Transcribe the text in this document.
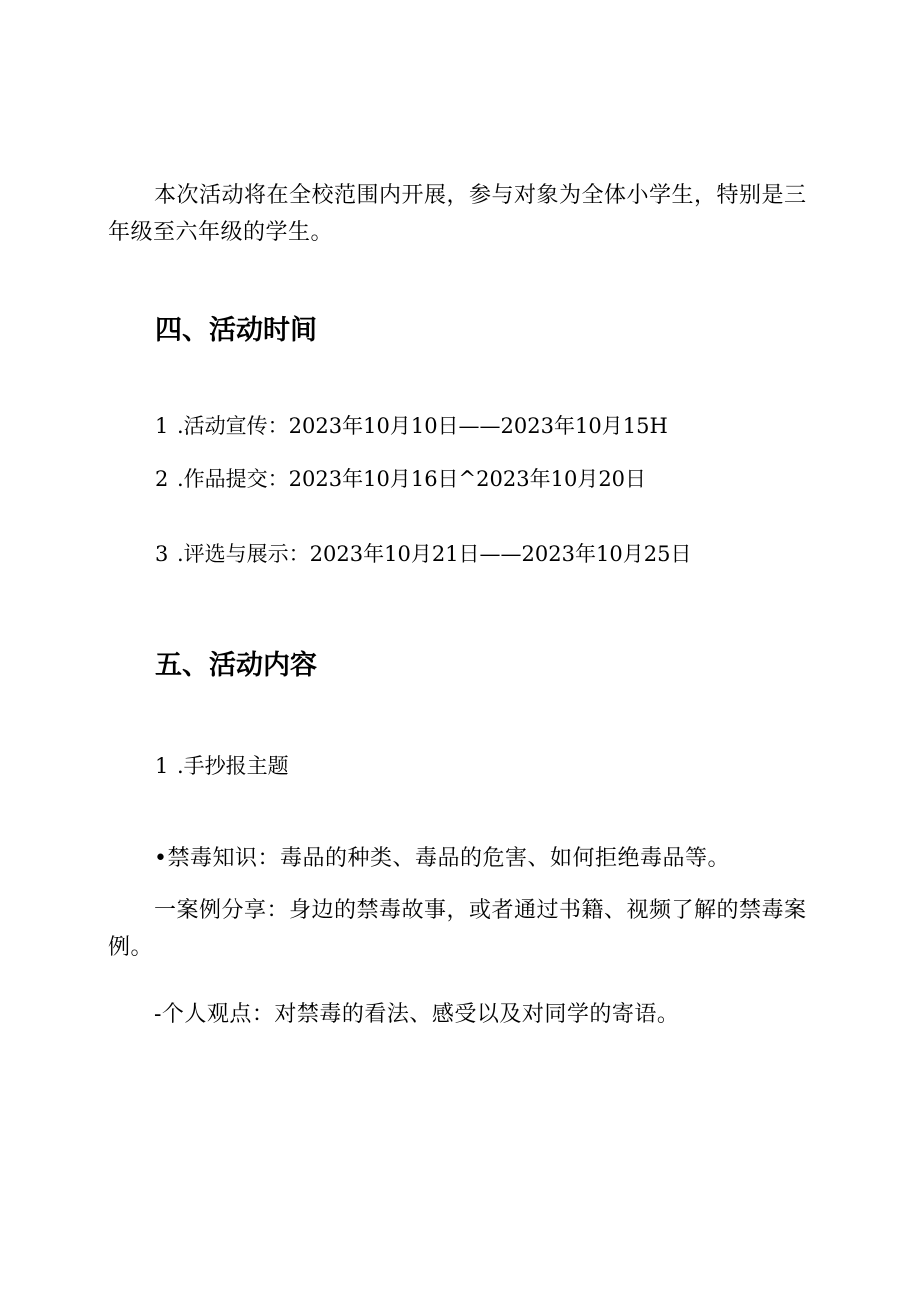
本次活动将在全校范围内开展，参与对象为全体小学生，特别是三年级至六年级的学生。

四、活动时间

1 .活动宣传：2023年10月10日——2023年10月15H

2 .作品提交：2023年10月16日^2023年10月20日

3 .评选与展示：2023年10月21日——2023年10月25日

五、活动内容

1 .手抄报主题

•禁毒知识：毒品的种类、毒品的危害、如何拒绝毒品等。

一案例分享：身边的禁毒故事，或者通过书籍、视频了解的禁毒案例。

-个人观点：对禁毒的看法、感受以及对同学的寄语。
